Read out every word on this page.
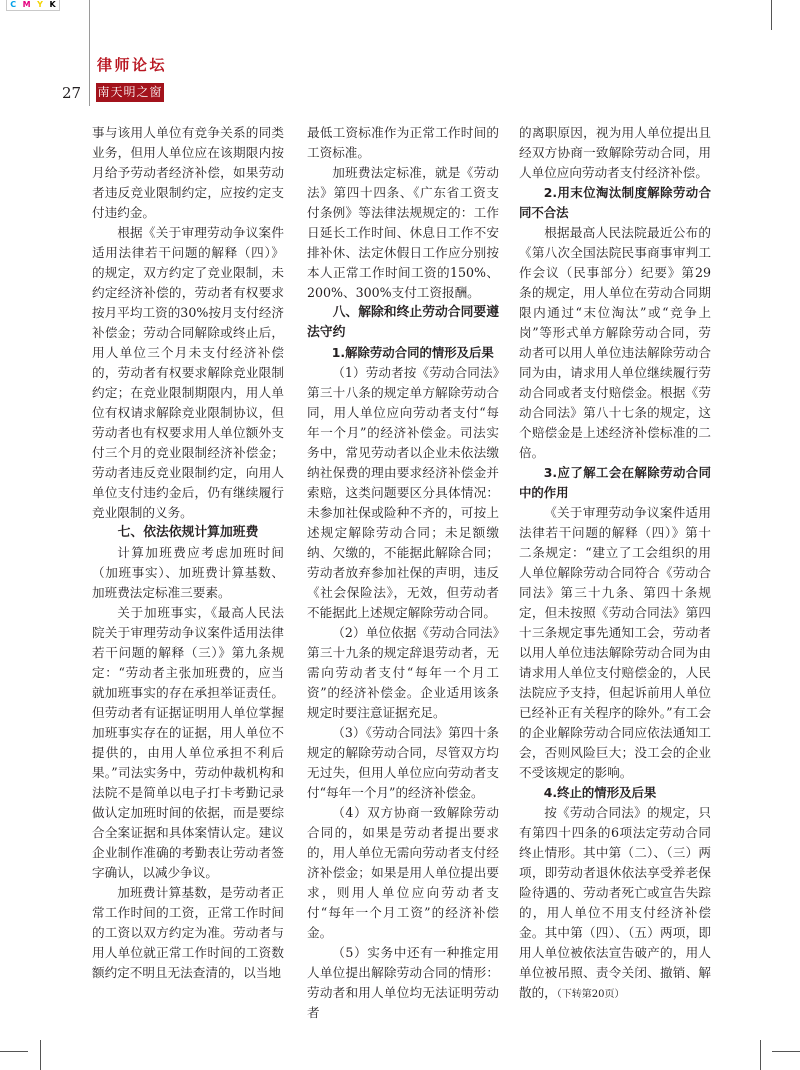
C M Y K
律师论坛
27 南天明之窗

事与该用人单位有竞争关系的同类业务，但用人单位应在该期限内按月给予劳动者经济补偿，如果劳动者违反竞业限制约定，应按约定支付违约金。

根据《关于审理劳动争议案件适用法律若干问题的解释（四）》的规定，双方约定了竞业限制，未约定经济补偿的，劳动者有权要求按月平均工资的30%按月支付经济补偿金；劳动合同解除或终止后，用人单位三个月未支付经济补偿的，劳动者有权要求解除竞业限制约定；在竞业限制期限内，用人单位有权请求解除竞业限制协议，但劳动者也有权要求用人单位额外支付三个月的竞业限制经济补偿金；劳动者违反竞业限制约定，向用人单位支付违约金后，仍有继续履行竞业限制的义务。

七、依法依规计算加班费

计算加班费应考虑加班时间（加班事实）、加班费计算基数、加班费法定标准三要素。

关于加班事实，《最高人民法院关于审理劳动争议案件适用法律若干问题的解释（三）》第九条规定：“劳动者主张加班费的，应当就加班事实的存在承担举证责任。但劳动者有证据证明用人单位掌握加班事实存在的证据，用人单位不提供的，由用人单位承担不利后果。”司法实务中，劳动仲裁机构和法院不是简单以电子打卡考勤记录做认定加班时间的依据，而是要综合全案证据和具体案情认定。建议企业制作准确的考勤表让劳动者签字确认，以减少争议。

加班费计算基数，是劳动者正常工作时间的工资，正常工作时间的工资以双方约定为准。劳动者与用人单位就正常工作时间的工资数额约定不明且无法查清的，以当地

最低工资标准作为正常工作时间的工资标准。

加班费法定标准，就是《劳动法》第四十四条、《广东省工资支付条例》等法律法规规定的：工作日延长工作时间、休息日工作不安排补休、法定休假日工作应分别按本人正常工作时间工资的150%、200%、300%支付工资报酬。

八、解除和终止劳动合同要遵法守约
1.解除劳动合同的情形及后果

（1）劳动者按《劳动合同法》第三十八条的规定单方解除劳动合同，用人单位应向劳动者支付“每年一个月”的经济补偿金。司法实务中，常见劳动者以企业未依法缴纳社保费的理由要求经济补偿金并索赔，这类问题要区分具体情况：未参加社保或险种不齐的，可按上述规定解除劳动合同；未足额缴纳、欠缴的，不能据此解除合同；劳动者放弃参加社保的声明，违反《社会保险法》，无效，但劳动者不能据此上述规定解除劳动合同。

（2）单位依据《劳动合同法》第三十九条的规定辞退劳动者，无需向劳动者支付“每年一个月工资”的经济补偿金。企业适用该条规定时要注意证据充足。

（3）《劳动合同法》第四十条规定的解除劳动合同，尽管双方均无过失，但用人单位应向劳动者支付“每年一个月”的经济补偿金。

（4）双方协商一致解除劳动合同的，如果是劳动者提出要求的，用人单位无需向劳动者支付经济补偿金；如果是用人单位提出要求，则用人单位应向劳动者支付“每年一个月工资”的经济补偿金。

（5）实务中还有一种推定用人单位提出解除劳动合同的情形：劳动者和用人单位均无法证明劳动者

的离职原因，视为用人单位提出且经双方协商一致解除劳动合同，用人单位应向劳动者支付经济补偿。

2.用末位淘汰制度解除劳动合同不合法

根据最高人民法院最近公布的《第八次全国法院民事商事审判工作会议（民事部分）纪要》第29条的规定，用人单位在劳动合同期限内通过“末位淘汰”或“竞争上岗”等形式单方解除劳动合同，劳动者可以用人单位违法解除劳动合同为由，请求用人单位继续履行劳动合同或者支付赔偿金。根据《劳动合同法》第八十七条的规定，这个赔偿金是上述经济补偿标准的二倍。

3.应了解工会在解除劳动合同中的作用

《关于审理劳动争议案件适用法律若干问题的解释（四）》第十二条规定：“建立了工会组织的用人单位解除劳动合同符合《劳动合同法》第三十九条、第四十条规定，但未按照《劳动合同法》第四十三条规定事先通知工会，劳动者以用人单位违法解除劳动合同为由请求用人单位支付赔偿金的，人民法院应予支持，但起诉前用人单位已经补正有关程序的除外。”有工会的企业解除劳动合同应依法通知工会，否则风险巨大；没工会的企业不受该规定的影响。

4.终止的情形及后果

按《劳动合同法》的规定，只有第四十四条的6项法定劳动合同终止情形。其中第（二）、（三）两项，即劳动者退休依法享受养老保险待遇的、劳动者死亡或宣告失踪的，用人单位不用支付经济补偿金。其中第（四）、（五）两项，即用人单位被依法宣告破产的，用人单位被吊照、责令关闭、撤销、解散的，（下转第20页）
